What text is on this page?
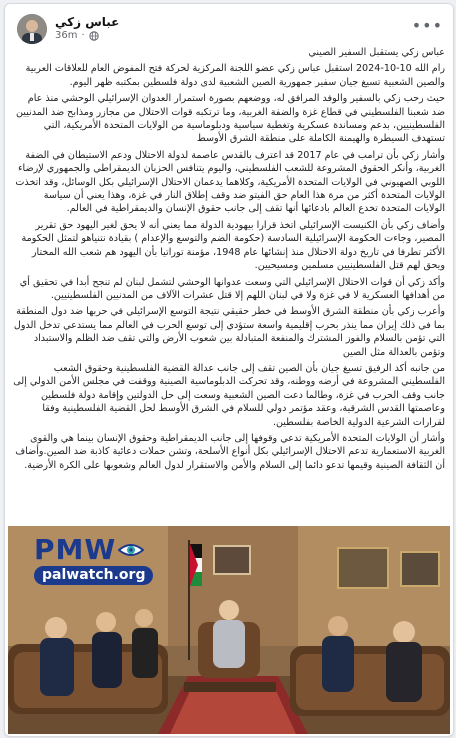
عباس زكي
36m ·
•••

عباس زكي يستقبل السفير الصيني

رام الله 10-10-2024 استقبل عباس زكي عضو اللجنة المركزية لحركة فتح المفوض العام للعلاقات العربية والصين الشعبية تسيغ جيان سفير جمهورية الصين الشعبية لدى دولة فلسطين بمكتبه ظهر اليوم.

حيث رحب زكي بالسفير والوفد المرافق له، ووضعهم بصورة استمرار العدوان الإسرائيلي الوحشي منذ عام ضد شعبنا الفلسطيني في قطاع غزة والضفة الغربية، وما ترتكبه قوات الاحتلال من مجازر ومذابح ضد المدنيين الفلسطينيين، بدعم ومساندة عسكرية وتغطية سياسية ودبلوماسية من الولايات المتحدة الأمريكية، التي تستهدف السيطرة والهيمنة الكاملة على منطقة الشرق الأوسط

وأشار زكي بأن ترامب في عام 2017 قد اعترف بالقدس عاصمة لدولة الاحتلال ودعم الاستيطان في الضفة الغربية، وأنكر الحقوق المشروعة للشعب الفلسطيني، واليوم يتنافس الحزبان الديمقراطي والجمهوري لإرضاء اللوبي الصهيوني في الولايات المتحدة الأمريكية، وكلاهما يدعمان الاحتلال الإسرائيلي بكل الوسائل، وقد اتخذت الولايات المتحدة أكثر من مرة هذا العام حق الفيتو ضد وقف إطلاق النار في غزة، وهذا يعني أن سياسة الولايات المتحدة تخدع العالم بادعائها أنها تقف إلى جانب حقوق الإنسان والديمقراطية في العالم.

وأضاف زكي بأن الكنيست الإسرائيلي اتخذ قرارا بيهودية الدولة مما يعني أنه لا يحق لغير اليهود حق تقرير المصير، وجاءت الحكومة الإسرائيلية السادسة (حكومة الضم والتوسع والإعدام ) بقيادة نتنياهو لتمثل الحكومة الأكثر تطرفا في تاريخ دولة الاحتلال منذ إنشائها عام 1948، مؤمنة توراتيا بأن اليهود هم شعب الله المختار ويحق لهم قتل الفلسطينيين مسلمين ومسيحيين.

وأكد زكي أن قوات الاحتلال الإسرائيلي التي وسعت عدوانها الوحشي لتشمل لبنان لم تنجح أبدا في تحقيق أي من أهدافها العسكرية لا في غزة ولا في لبنان اللهم إلا قتل عشرات الآلاف من المدنيين الفلسطينيين.

وأعرب زكي بأن منطقة الشرق الأوسط في خطر حقيقي نتيجة التوسع الإسرائيلي في حربها ضد دول المنطقة بما في ذلك إيران مما ينذر بحرب إقليمية واسعة ستؤدي إلى توسع الحرب في العالم مما يستدعي تدخل الدول التي تؤمن بالسلام والفوز المشترك والمنفعة المتبادلة بين شعوب الأرض والتي تقف ضد الظلم والاستبداد وتؤمن بالعدالة مثل الصين

من جانبه أكد الرفيق تسيغ جيان بأن الصين تقف إلى جانب عدالة القضية الفلسطينية وحقوق الشعب الفلسطيني المشروعة في أرضه ووطنه، وقد تحركت الدبلوماسية الصينية ووقفت في مجلس الأمن الدولي إلى جانب وقف الحرب في غزة، وطالما دعت الصين الشعبية وسعت إلى حل الدولتين وإقامة دولة فلسطين وعاصمتها القدس الشرقية، وعقد مؤتمر دولي للسلام في الشرق الأوسط لحل القضية الفلسطينية وفقا لقرارات الشرعية الدولية الخاصة بفلسطين.

وأشار أن الولايات المتحدة الأمريكية تدعي وقوفها إلى جانب الديمقراطية وحقوق الإنسان بينما هي والقوى الغربية الاستعمارية تدعم الاحتلال الإسرائيلي بكل أنواع الأسلحة، وتشن حملات دعائية كاذبة ضد الصين.وأضاف أن الثقافة الصينية وقيمها تدعو دائما إلى السلام والأمن والاستقرار لدول العالم وشعوبها على الكرة الأرضية.

PMW
palwatch.org
